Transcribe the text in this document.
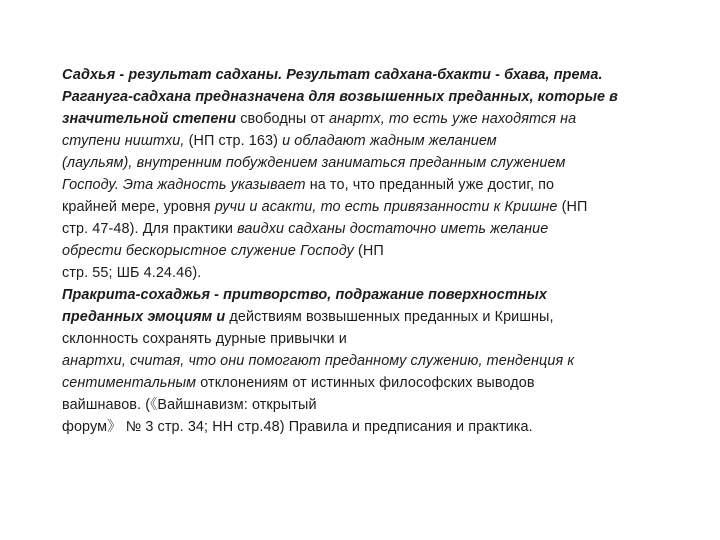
Садхья - результат садханы. Результат садхана-бхакти - бхава, према.
Рагануга-садхана предназначена для возвышенных преданных, которые в
значительной степени свободны от анартх, то есть уже находятся на
ступени ништхи, (НП стр. 163) и обладают жадным желанием
(лаульям), внутренним побуждением заниматься преданным служением
Господу. Эта жадность указывает на то, что преданный уже достиг, по
крайней мере, уровня ручи и асакти, то есть привязанности к Кришне (НП
стр. 47-48). Для практики ваидхи садханы достаточно иметь желание
обрести бескорыстное служение Господу (НП
стр. 55; ШБ 4.24.46).
Пракрита-сохаджья - притворство, подражание поверхностных
преданных эмоциям и действиям возвышенных преданных и Кришны,
склонность сохранять дурные привычки и
анартхи, считая, что они помогают преданному служению, тенденция к
сентиментальным отклонениям от истинных философских выводов
вайшнавов. (《Вайшнавизм: открытый
форум》 № 3 стр. 34; НН стр.48) Правила и предписания и практика.
